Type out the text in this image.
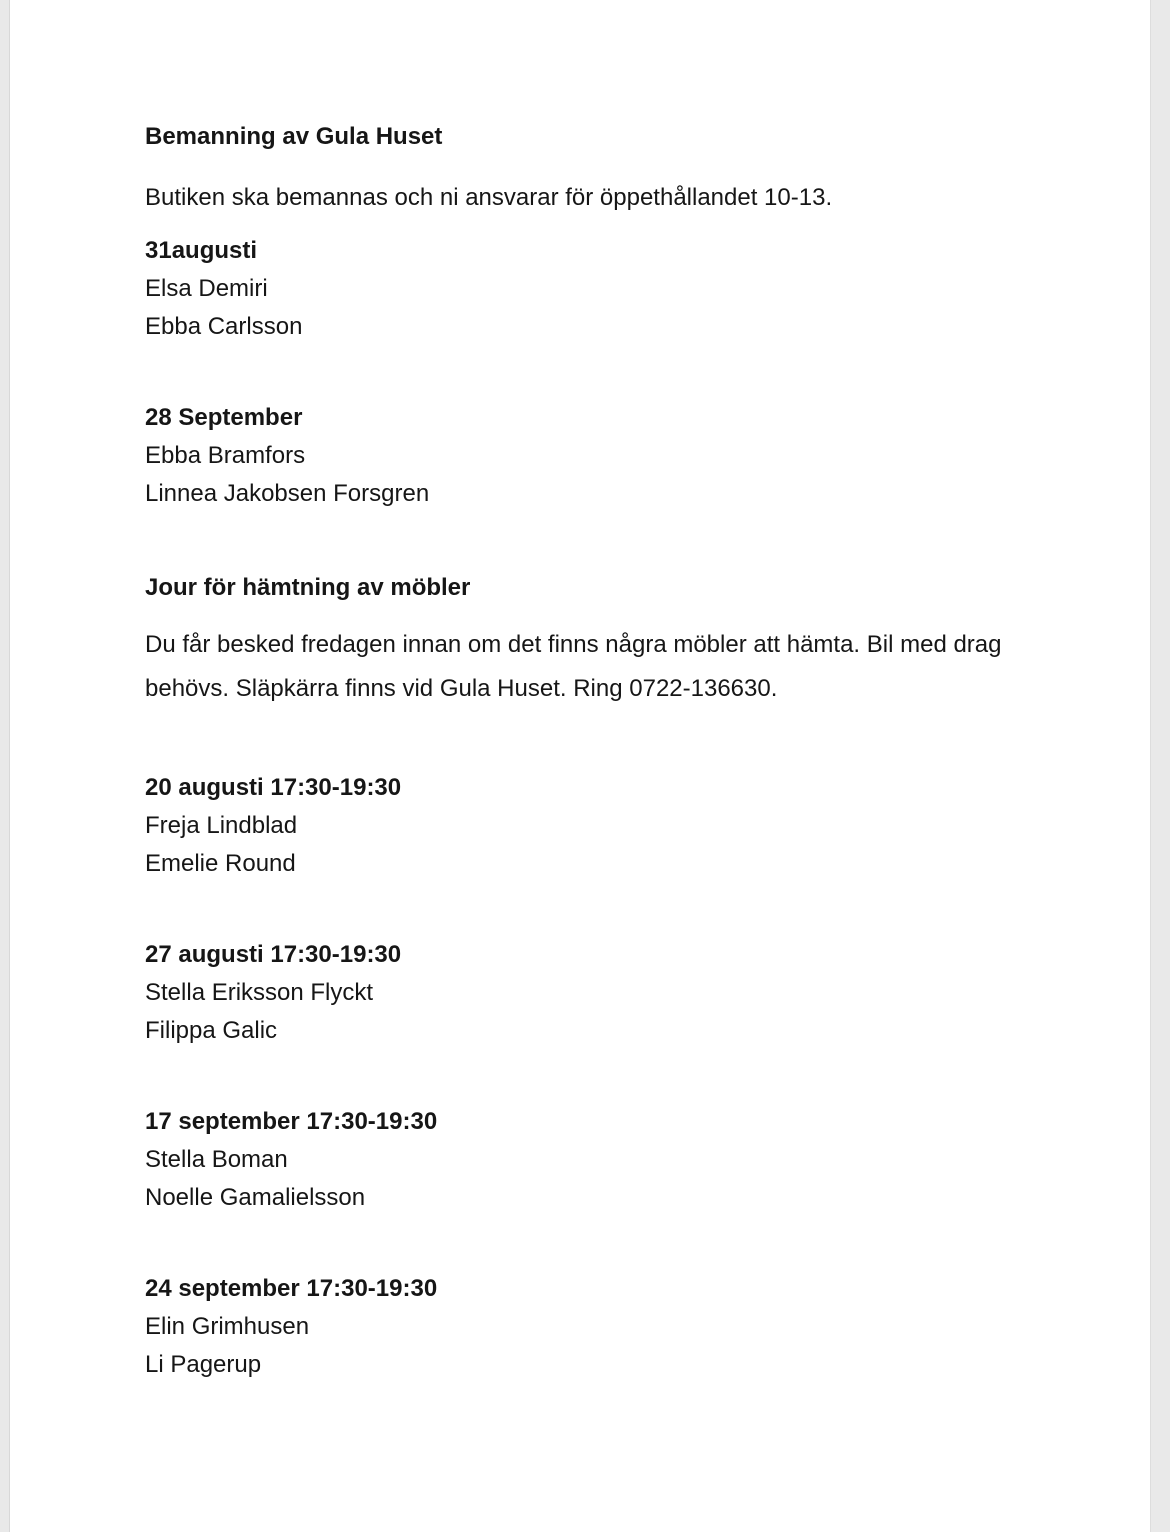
Bemanning av Gula Huset

Butiken ska bemannas och ni ansvarar för öppethållandet 10-13.

31augusti
Elsa Demiri
Ebba Carlsson
28 September
Ebba Bramfors
Linnea Jakobsen Forsgren
Jour för hämtning av möbler

Du får besked fredagen innan om det finns några möbler att hämta. Bil med drag behövs. Släpkärra finns vid Gula Huset. Ring 0722-136630.

20 augusti 17:30-19:30
Freja Lindblad
Emelie Round
27 augusti 17:30-19:30
Stella Eriksson Flyckt
Filippa Galic
17 september 17:30-19:30
Stella Boman
Noelle Gamalielsson
24 september 17:30-19:30
Elin Grimhusen
Li Pagerup
